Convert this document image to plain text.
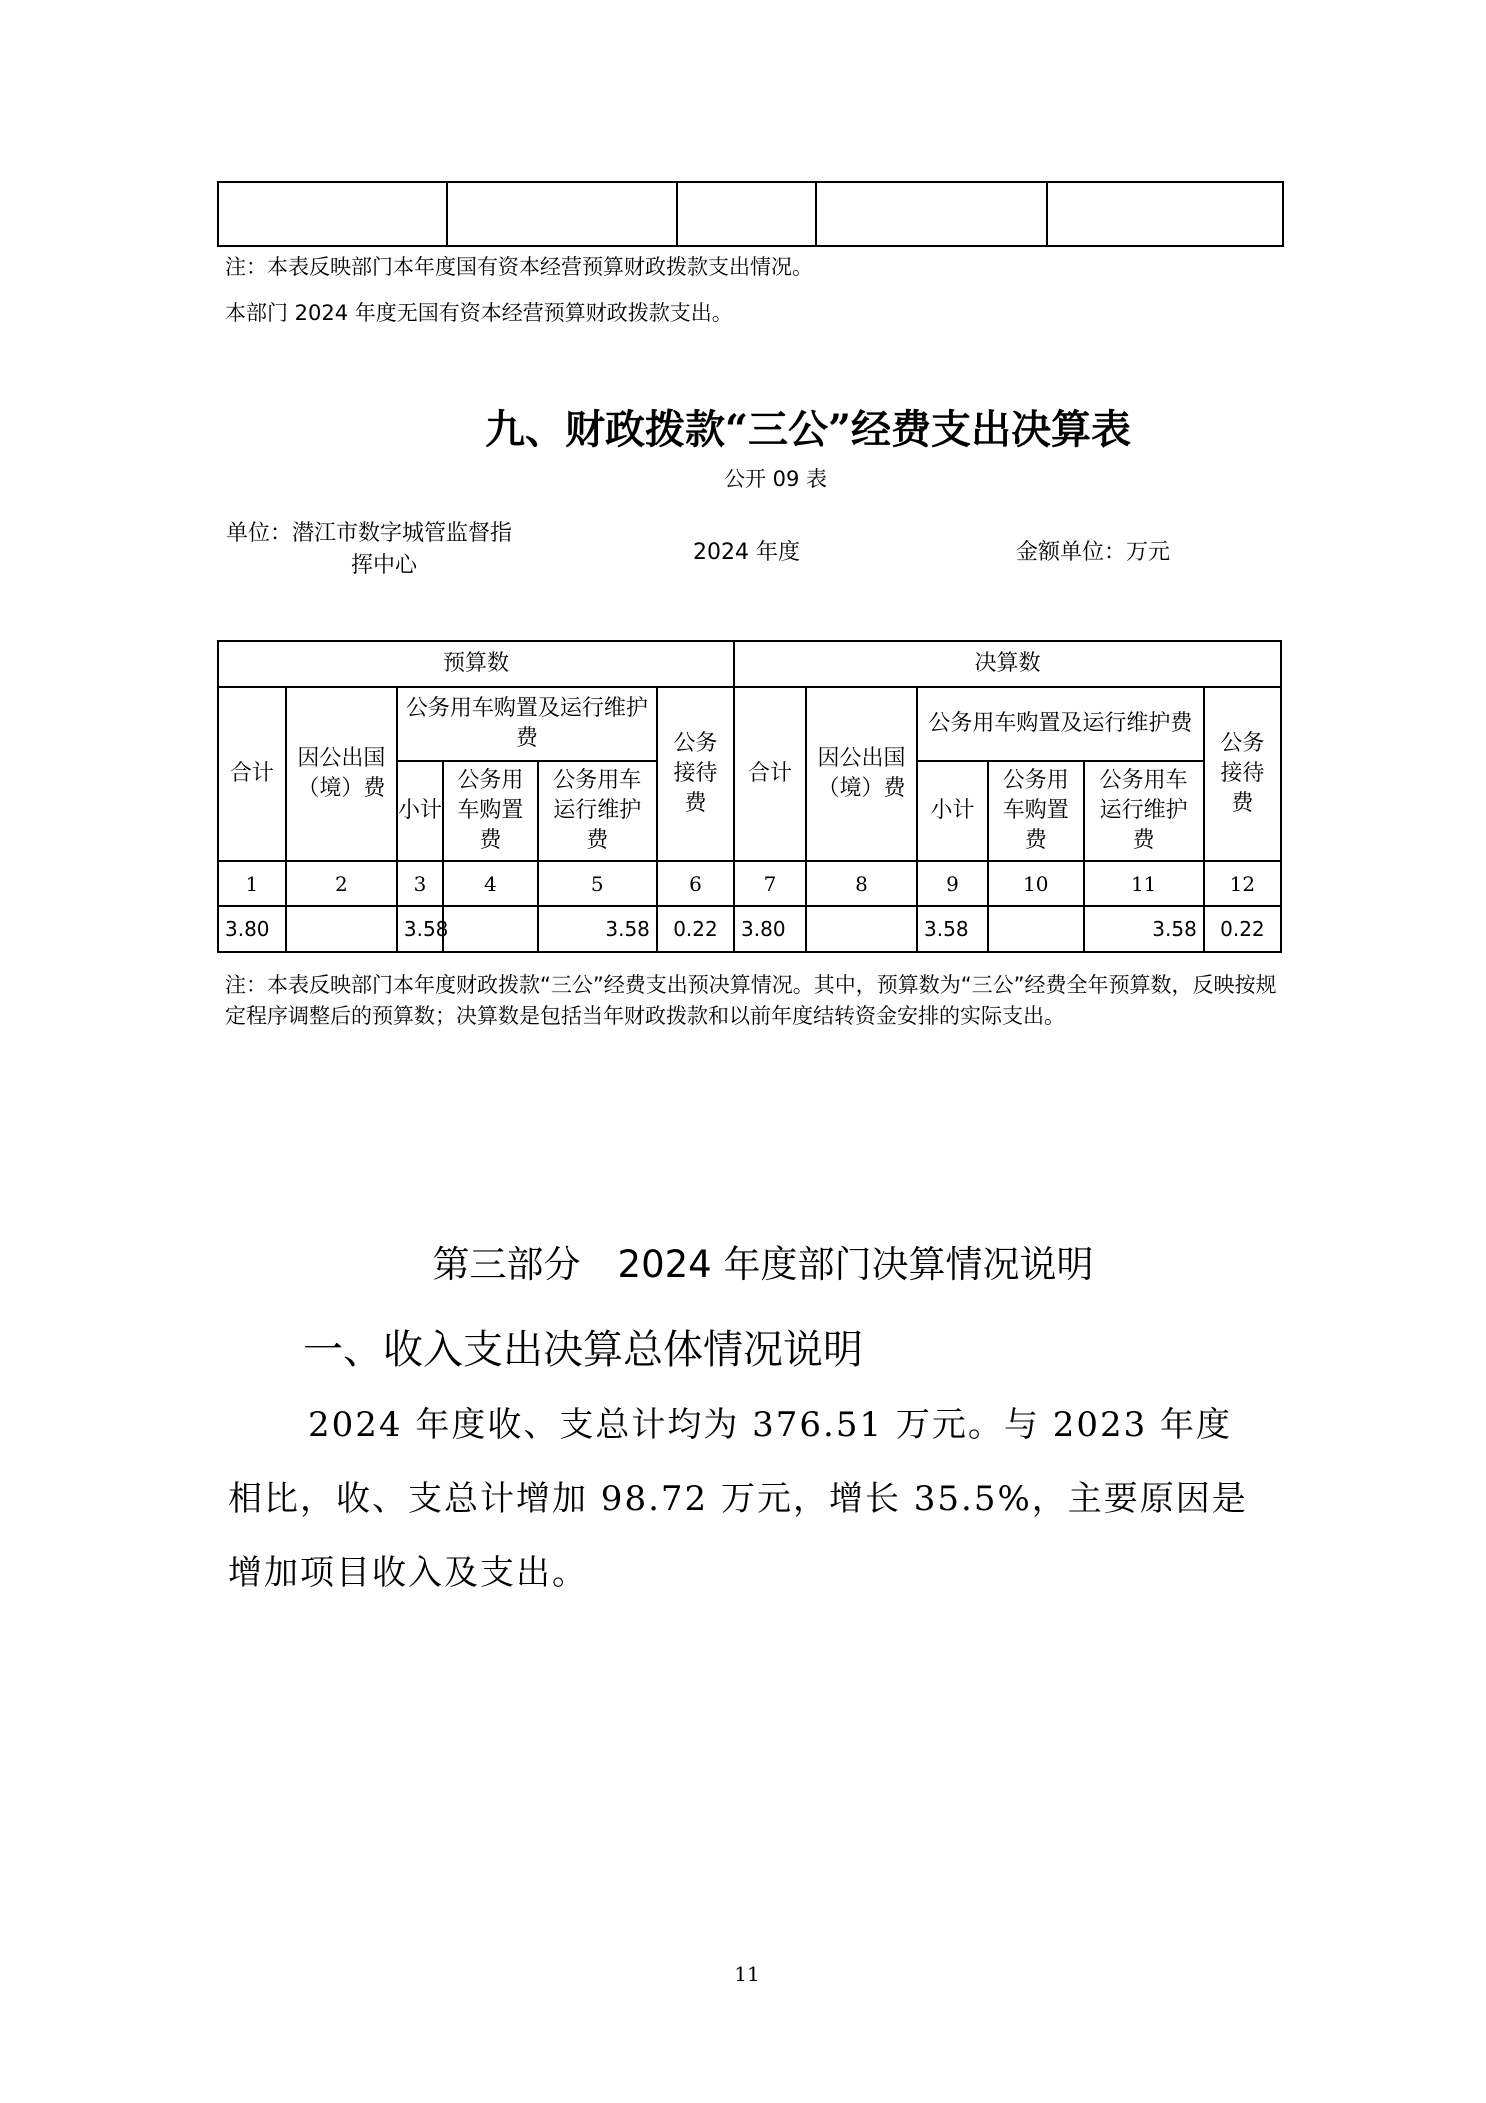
注：本表反映部门本年度国有资本经营预算财政拨款支出情况。
本部门 2024 年度无国有资本经营预算财政拨款支出。
九、财政拨款“三公”经费支出决算表
公开 09 表
单位：潜江市数字城管监督指
挥中心
2024 年度	金额单位：万元
预算数						决算数					
合计	因公出国（境）费	公务用车购置及运行维护费			公务接待费	合计	因公出国（境）费	公务用车购置及运行维护费			公务接待费
		小计	公务用车购置费	公务用车运行维护费				小计	公务用车购置费	公务用车运行维护费	
1	2	3	4	5	6	7	8	9	10	11	12
3.80		3.58		3.58	0.22	3.80		3.58		3.58	0.22
注：本表反映部门本年度财政拨款“三公”经费支出预决算情况。其中，预算数为“三公”经费全年预算数，反映按规定程序调整后的预算数；决算数是包括当年财政拨款和以前年度结转资金安排的实际支出。
第三部分　2024 年度部门决算情况说明
一、收入支出决算总体情况说明
2024 年度收、支总计均为 376.51 万元。与 2023 年度相比，收、支总计增加 98.72 万元，增长 35.5%，主要原因是增加项目收入及支出。
11
